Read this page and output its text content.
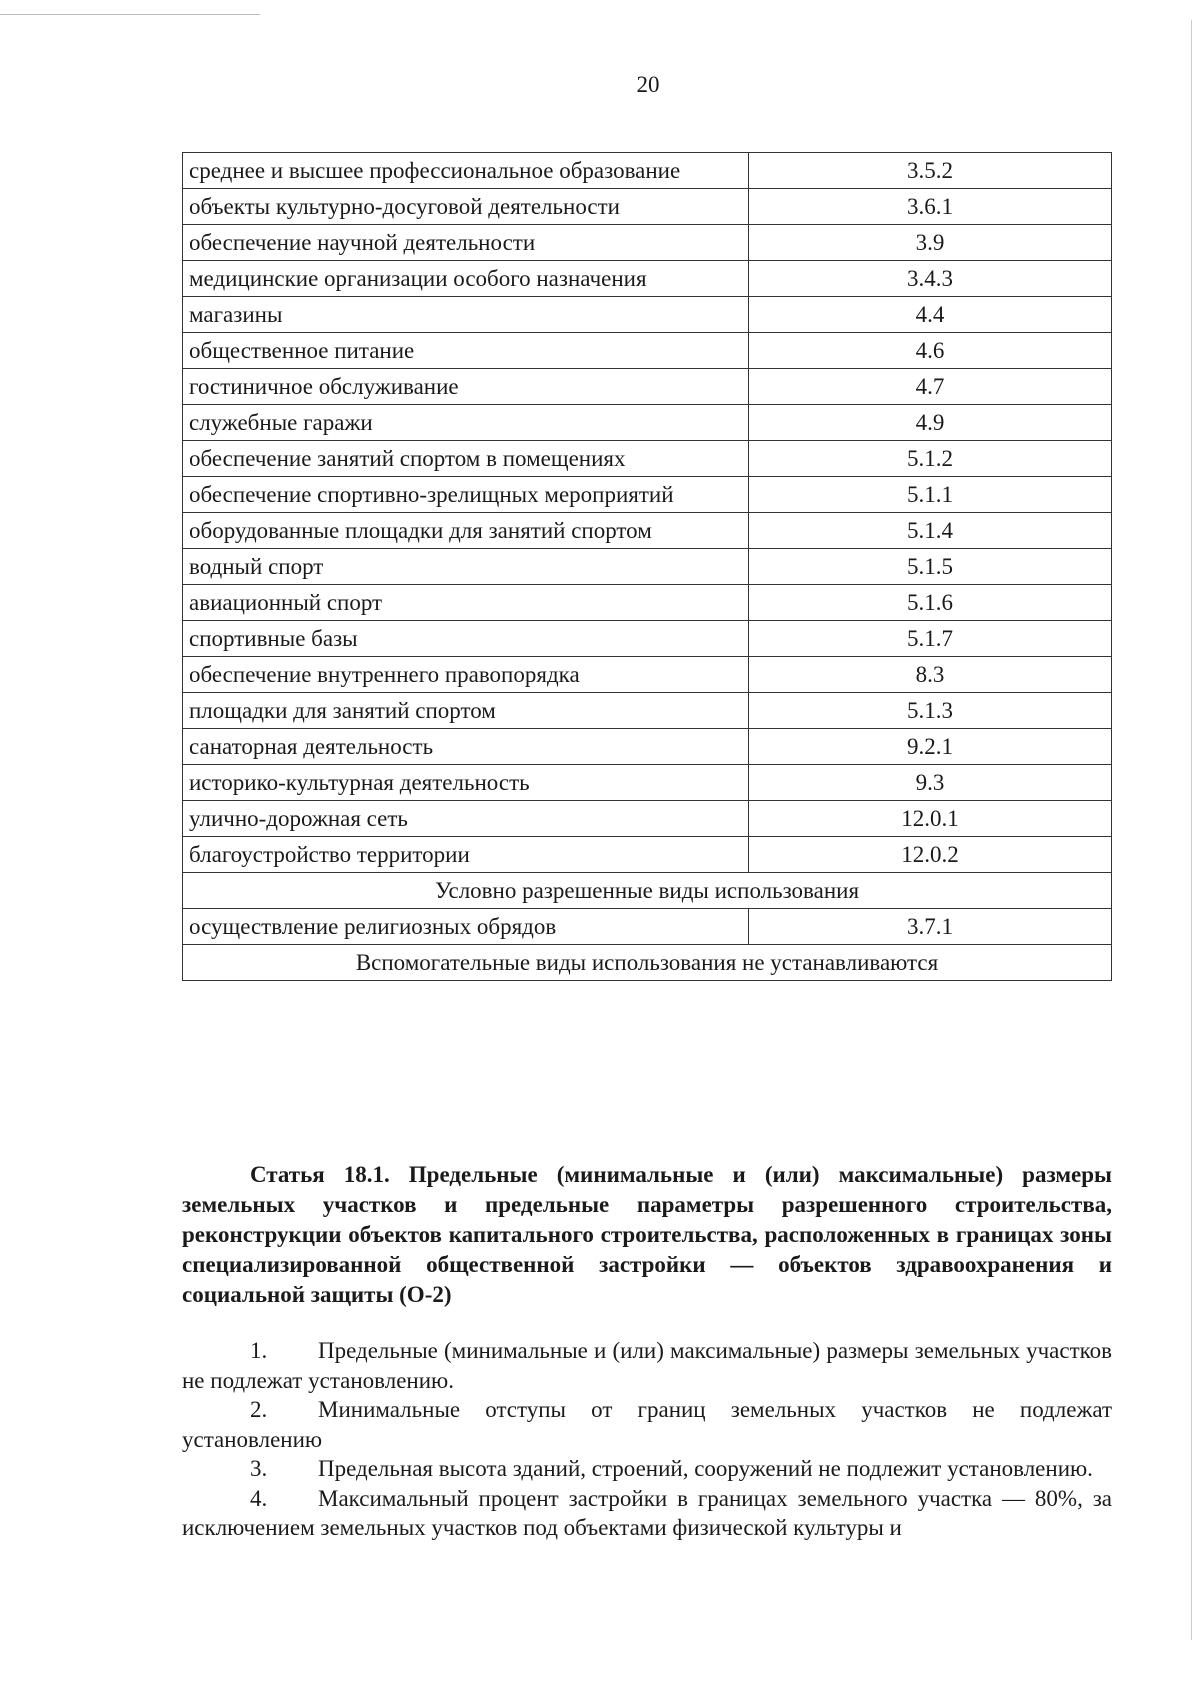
20
среднее и высшее профессиональное образование	3.5.2
объекты культурно-досуговой деятельности	3.6.1
обеспечение научной деятельности	3.9
медицинские организации особого назначения	3.4.3
магазины	4.4
общественное питание	4.6
гостиничное обслуживание	4.7
служебные гаражи	4.9
обеспечение занятий спортом в помещениях	5.1.2
обеспечение спортивно-зрелищных мероприятий	5.1.1
оборудованные площадки для занятий спортом	5.1.4
водный спорт	5.1.5
авиационный спорт	5.1.6
спортивные базы	5.1.7
обеспечение внутреннего правопорядка	8.3
площадки для занятий спортом	5.1.3
санаторная деятельность	9.2.1
историко-культурная деятельность	9.3
улично-дорожная сеть	12.0.1
благоустройство территории	12.0.2
Условно разрешенные виды использования	
осуществление религиозных обрядов	3.7.1
Вспомогательные виды использования не устанавливаются	
Статья 18.1. Предельные (минимальные и (или) максимальные) размеры земельных участков и предельные параметры разрешенного строительства, реконструкции объектов капитального строительства, расположенных в границах зоны специализированной общественной застройки — объектов здравоохранения и социальной защиты (О-2)

1. Предельные (минимальные и (или) максимальные) размеры земельных участков не подлежат установлению.

2. Минимальные отступы от границ земельных участков не подлежат установлению

3. Предельная высота зданий, строений, сооружений не подлежит установлению.

4. Максимальный процент застройки в границах земельного участка — 80%, за исключением земельных участков под объектами физической культуры и
